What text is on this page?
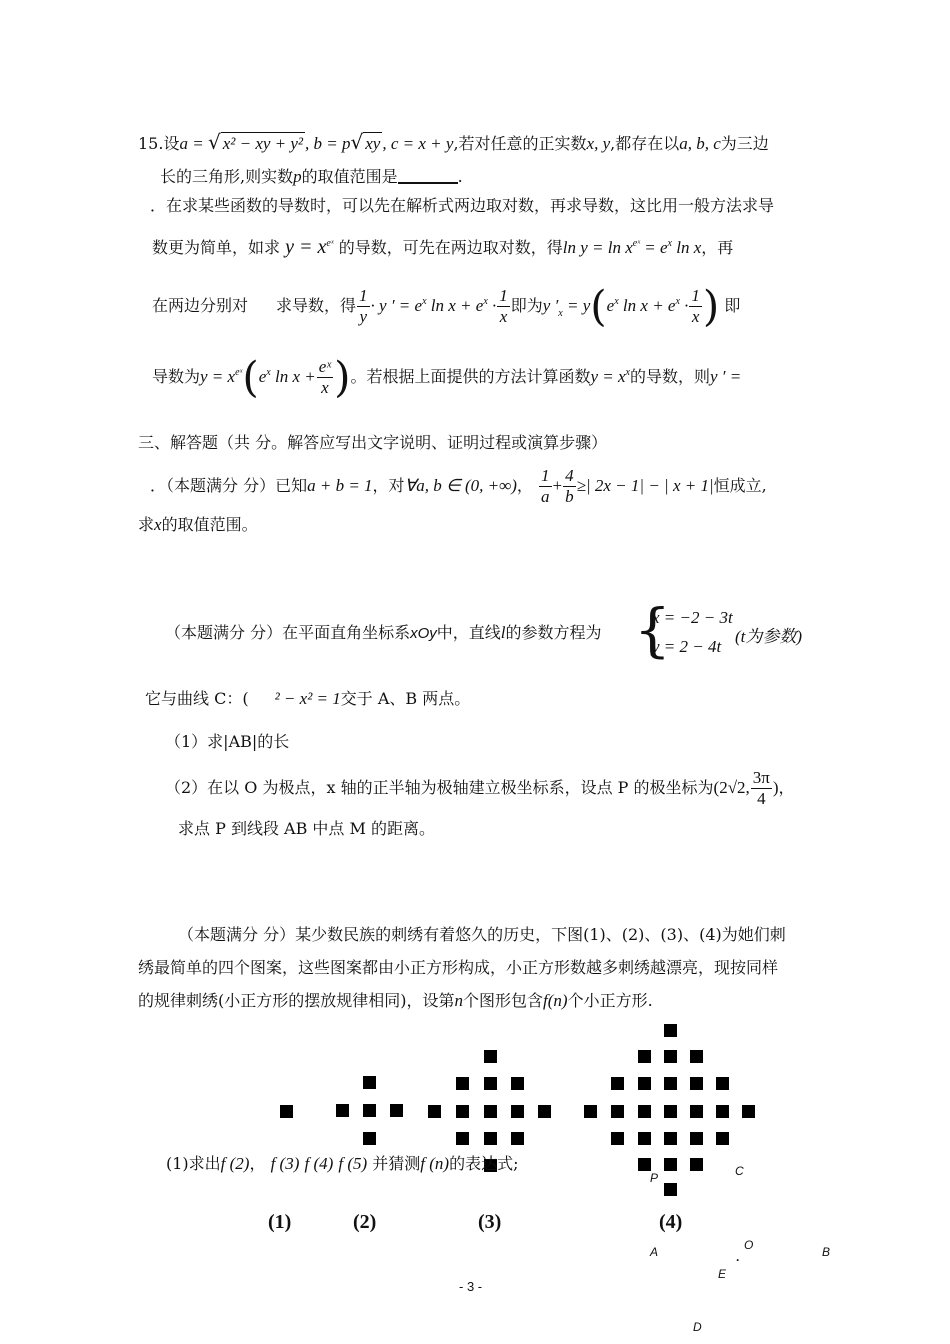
15.设a = √ x² − xy + y² , b = p√ xy , c = x + y,若对任意的正实数x, y,都存在以a, b, c为三边
长的三角形,则实数p的取值范围是	.
．在求某些函数的导数时，可以先在解析式两边取对数，再求导数，这比用一般方法求导
数更为简单，如求 $y = x^{eˣ}$ 的导数，可先在两边取对数，得$\ln y = \ln x^{eˣ} = e^x$ ln x，再
在两边分别对 求导数，得 $\frac{1}{y} \cdot y$ ′ = $e^x$ $\ln x + e^x \cdot \frac{1}{x}$ 即为y $'_x = y(e^x$ $\ln x + e^x \cdot \frac{1}{x}$ ) 即
导数为$y = x^{eˣ}(e^x$ $\ln x + \frac{\text{eˣ}}{x}$ )。若根据上面提供的方法计算函数$y = x^x$的导数，则y ′ =
三、解答题（共 分。解答应写出文字说明、证明过程或演算步骤）
．（本题满分 分）已知a + b = 1，对∀a, b ∈ (0, +∞)， $\frac{1}{a} + \frac{4}{b}$ ≥| 2x − 1| − | x + 1|恒成立,
求x的取值范围。
（本题满分 分）在平面直角坐标系xOy中，直线l的参数方程为 {
x = −2 − 3t
y = 2 − 4t
(t为参数)
它与曲线 C：( ² − x² = 1交于 A、B 两点。
（1）求|AB|的长
（2）在以 O 为极点，x 轴的正半轴为极轴建立极坐标系，设点 P 的极坐标为(2√2, $\frac{3\pi}{4}$ )，
求点 P 到线段 AB 中点 M 的距离。
（本题满分 分）某少数民族的刺绣有着悠久的历史，下图(1)、(2)、(3)、(4)为她们刺
绣最简单的四个图案，这些图案都由小正方形构成，小正方形数越多刺绣越漂亮，现按同样
的规律刺绣(小正方形的摆放规律相同)，设第n个图形包含f(n)个小正方形.
(1)求出f (2)， f (3) f (4) f (5) 并猜测f (n)的表达式;
(1)	(2)	(3)	(4)
P	C
A	.
O	B
E
D
- 3 -
